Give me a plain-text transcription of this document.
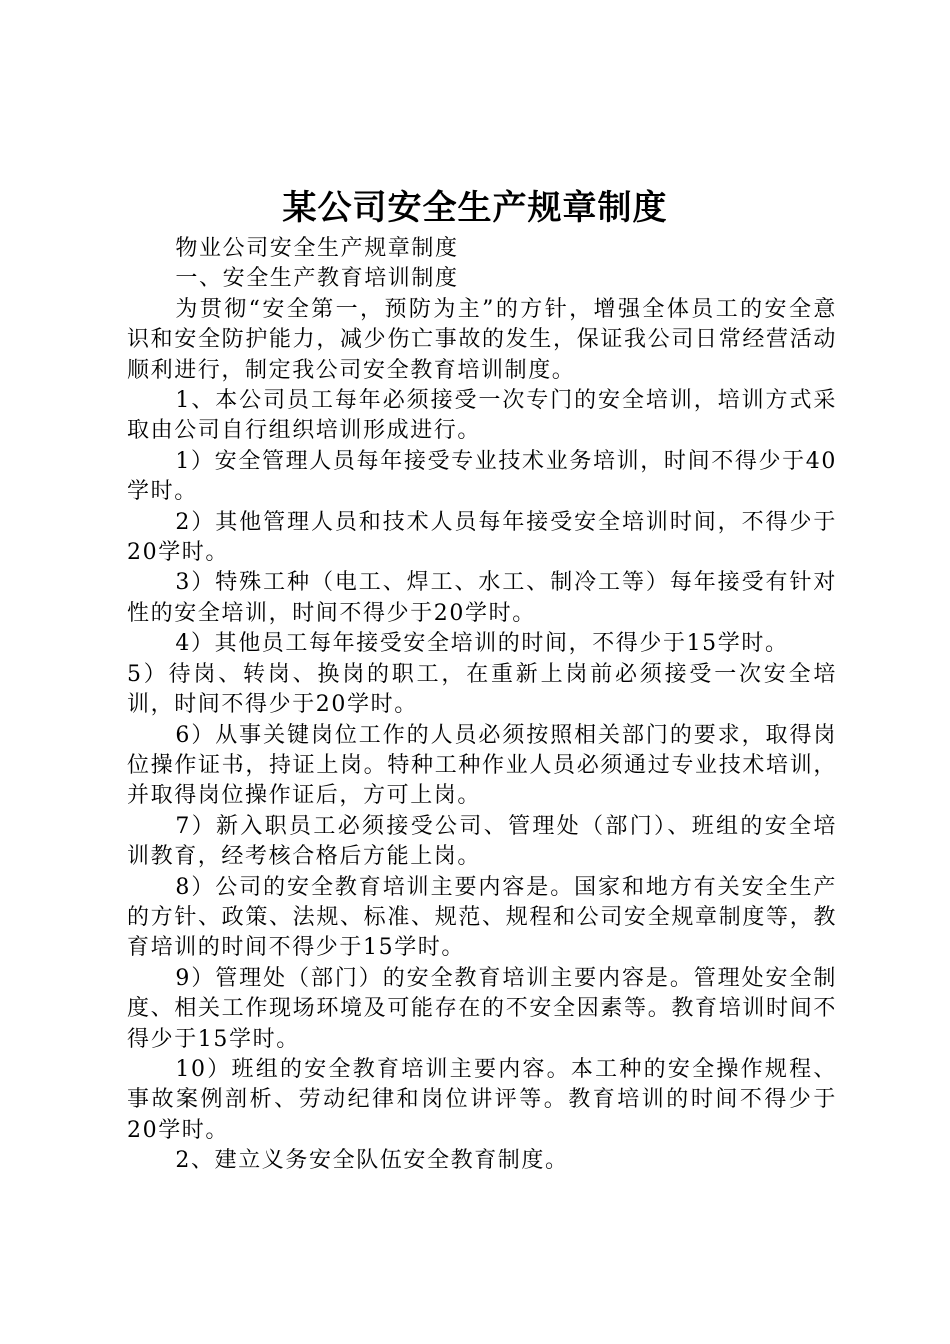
某公司安全生产规章制度

物业公司安全生产规章制度

一、安全生产教育培训制度

为贯彻“安全第一，预防为主”的方针，增强全体员工的安全意识和安全防护能力，减少伤亡事故的发生，保证我公司日常经营活动顺利进行，制定我公司安全教育培训制度。

1、本公司员工每年必须接受一次专门的安全培训，培训方式采取由公司自行组织培训形成进行。

1）安全管理人员每年接受专业技术业务培训，时间不得少于40学时。

2）其他管理人员和技术人员每年接受安全培训时间，不得少于20学时。

3）特殊工种（电工、焊工、水工、制冷工等）每年接受有针对性的安全培训，时间不得少于20学时。

4）其他员工每年接受安全培训的时间，不得少于15学时。

5）待岗、转岗、换岗的职工，在重新上岗前必须接受一次安全培训，时间不得少于20学时。

6）从事关键岗位工作的人员必须按照相关部门的要求，取得岗位操作证书，持证上岗。特种工种作业人员必须通过专业技术培训，并取得岗位操作证后，方可上岗。

7）新入职员工必须接受公司、管理处（部门）、班组的安全培训教育，经考核合格后方能上岗。

8）公司的安全教育培训主要内容是。国家和地方有关安全生产的方针、政策、法规、标准、规范、规程和公司安全规章制度等，教育培训的时间不得少于15学时。

9）管理处（部门）的安全教育培训主要内容是。管理处安全制度、相关工作现场环境及可能存在的不安全因素等。教育培训时间不得少于15学时。

10）班组的安全教育培训主要内容。本工种的安全操作规程、事故案例剖析、劳动纪律和岗位讲评等。教育培训的时间不得少于20学时。

2、建立义务安全队伍安全教育制度。
